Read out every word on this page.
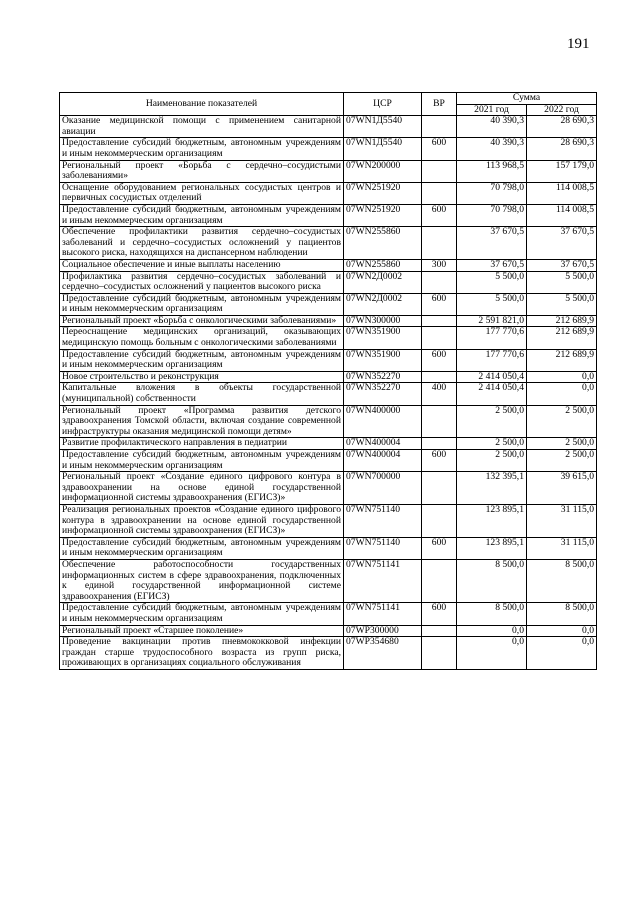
191
Наименование показателей	ЦСР	ВР	Сумма	
			2021 год	2022 год
Оказание медицинской помощи с применением санитарной авиации	07WN1Д5540		40 390,3	28 690,3
Предоставление субсидий бюджетным, автономным учреждениям и иным некоммерческим организациям	07WN1Д5540	600	40 390,3	28 690,3
Региональный проект «Борьба с сердечно–сосудистыми заболеваниями»	07WN200000		113 968,5	157 179,0
Оснащение оборудованием региональных сосудистых центров и первичных сосудистых отделений	07WN251920		70 798,0	114 008,5
Предоставление субсидий бюджетным, автономным учреждениям и иным некоммерческим организациям	07WN251920	600	70 798,0	114 008,5
Обеспечение профилактики развития сердечно–сосудистых заболеваний и сердечно–сосудистых осложнений у пациентов высокого риска, находящихся на диспансерном наблюдении	07WN255860		37 670,5	37 670,5
Социальное обеспечение и иные выплаты населению	07WN255860	300	37 670,5	37 670,5
Профилактика развития сердечно–сосудистых заболеваний и сердечно–сосудистых осложнений у пациентов высокого риска	07WN2Д0002		5 500,0	5 500,0
Предоставление субсидий бюджетным, автономным учреждениям и иным некоммерческим организациям	07WN2Д0002	600	5 500,0	5 500,0
Региональный проект «Борьба с онкологическими заболеваниями»	07WN300000		2 591 821,0	212 689,9
Переоснащение медицинских организаций, оказывающих медицинскую помощь больным с онкологическими заболеваниями	07WN351900		177 770,6	212 689,9
Предоставление субсидий бюджетным, автономным учреждениям и иным некоммерческим организациям	07WN351900	600	177 770,6	212 689,9
Новое строительство и реконструкция	07WN352270		2 414 050,4	0,0
Капитальные вложения в объекты государственной (муниципальной) собственности	07WN352270	400	2 414 050,4	0,0
Региональный проект «Программа развития детского здравоохранения Томской области, включая создание современной инфраструктуры оказания медицинской помощи детям»	07WN400000		2 500,0	2 500,0
Развитие профилактического направления в педиатрии	07WN400004		2 500,0	2 500,0
Предоставление субсидий бюджетным, автономным учреждениям и иным некоммерческим организациям	07WN400004	600	2 500,0	2 500,0
Региональный проект «Создание единого цифрового контура в здравоохранении на основе единой государственной информационной системы здравоохранения (ЕГИСЗ)»	07WN700000		132 395,1	39 615,0
Реализация региональных проектов «Создание единого цифрового контура в здравоохранении на основе единой государственной информационной системы здравоохранения (ЕГИСЗ)»	07WN751140		123 895,1	31 115,0
Предоставление субсидий бюджетным, автономным учреждениям и иным некоммерческим организациям	07WN751140	600	123 895,1	31 115,0
Обеспечение работоспособности государственных информационных систем в сфере здравоохранения, подключенных к единой государственной информационной системе здравоохранения (ЕГИСЗ)	07WN751141		8 500,0	8 500,0
Предоставление субсидий бюджетным, автономным учреждениям и иным некоммерческим организациям	07WN751141	600	8 500,0	8 500,0
Региональный проект «Старшее поколение»	07WP300000		0,0	0,0
Проведение вакцинации против пневмококковой инфекции граждан старше трудоспособного возраста из групп риска, проживающих в организациях социального обслуживания	07WP354680		0,0	0,0
